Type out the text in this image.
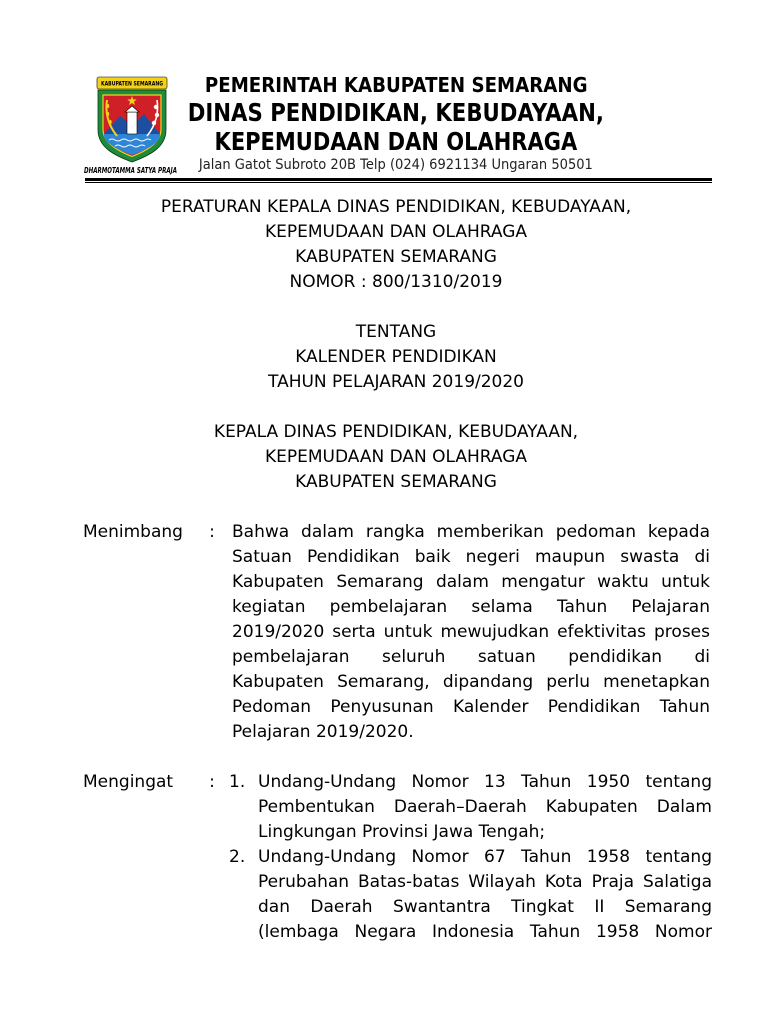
KABUPATEN SEMARANG
DHARMOTAMMA SATYA PRAJA
PEMERINTAH KABUPATEN SEMARANG
DINAS PENDIDIKAN, KEBUDAYAAN,
KEPEMUDAAN DAN OLAHRAGA
Jalan Gatot Subroto 20B Telp (024) 6921134 Ungaran 50501
PERATURAN KEPALA DINAS PENDIDIKAN, KEBUDAYAAN,
KEPEMUDAAN DAN OLAHRAGA
KABUPATEN SEMARANG
NOMOR : 800/1310/2019
TENTANG
KALENDER PENDIDIKAN
TAHUN PELAJARAN 2019/2020
KEPALA DINAS PENDIDIKAN, KEBUDAYAAN,
KEPEMUDAAN DAN OLAHRAGA
KABUPATEN SEMARANG
Menimbang : Bahwa dalam rangka memberikan pedoman kepada
Satuan Pendidikan baik negeri maupun swasta di
Kabupaten Semarang dalam mengatur waktu untuk
kegiatan pembelajaran selama Tahun Pelajaran
2019/2020 serta untuk mewujudkan efektivitas proses
pembelajaran seluruh satuan pendidikan di
Kabupaten Semarang, dipandang perlu menetapkan
Pedoman Penyusunan Kalender Pendidikan Tahun
Pelajaran 2019/2020.
Mengingat : 1. Undang-Undang Nomor 13 Tahun 1950 tentang
Pembentukan Daerah–Daerah Kabupaten Dalam
Lingkungan Provinsi Jawa Tengah;
2. Undang-Undang Nomor 67 Tahun 1958 tentang
Perubahan Batas-batas Wilayah Kota Praja Salatiga
dan Daerah Swantantra Tingkat II Semarang
(lembaga Negara Indonesia Tahun 1958 Nomor
